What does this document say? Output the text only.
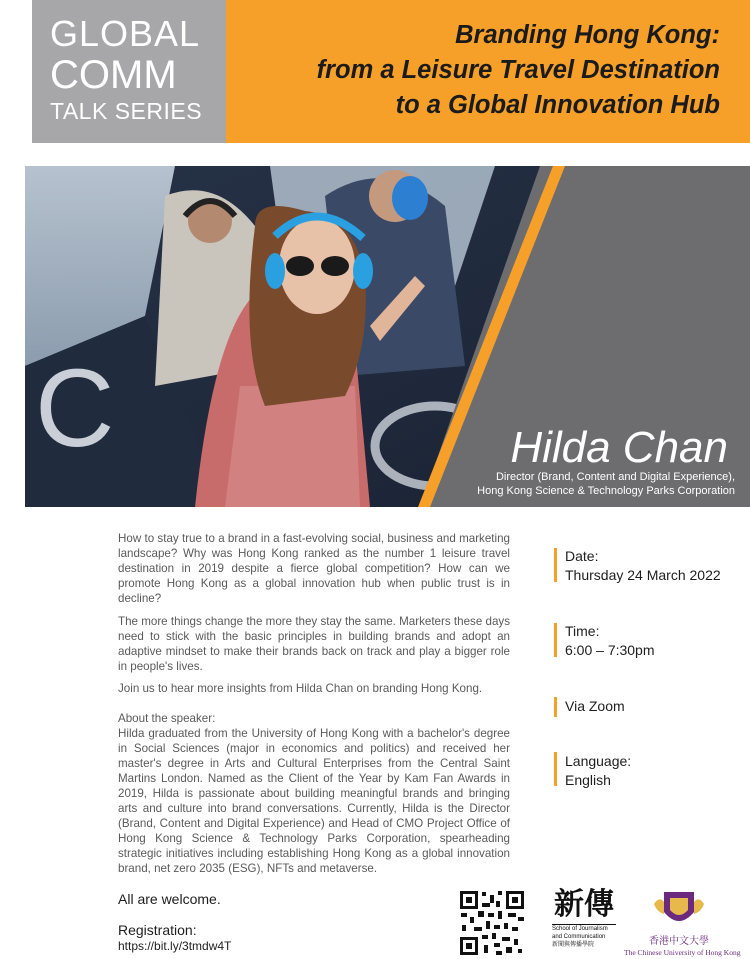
GLOBAL
COMM
TALK SERIES
Branding Hong Kong:
from a Leisure Travel Destination
to a Global Innovation Hub
C	Hilda Chan
Director (Brand, Content and Digital Experience),
Hong Kong Science & Technology Parks Corporation

How to stay true to a brand in a fast-evolving social, business and marketing landscape? Why was Hong Kong ranked as the number 1 leisure travel destination in 2019 despite a fierce global competition? How can we promote Hong Kong as a global innovation hub when public trust is in decline?

The more things change the more they stay the same. Marketers these days need to stick with the basic principles in building brands and adopt an adaptive mindset to make their brands back on track and play a bigger role in people's lives.

Join us to hear more insights from Hilda Chan on branding Hong Kong.

About the speaker:

Hilda graduated from the University of Hong Kong with a bachelor's degree in Social Sciences (major in economics and politics) and received her master's degree in Arts and Cultural Enterprises from the Central Saint Martins London. Named as the Client of the Year by Kam Fan Awards in 2019, Hilda is passionate about building meaningful brands and bringing arts and culture into brand conversations. Currently, Hilda is the Director (Brand, Content and Digital Experience) and Head of CMO Project Office of Hong Kong Science & Technology Parks Corporation, spearheading strategic initiatives including establishing Hong Kong as a global innovation brand, net zero 2035 (ESG), NFTs and metaverse.

Date:
Thursday 24 March 2022
Time:
6:00 – 7:30pm
Via Zoom
Language:
English
All are welcome.
Registration:
https://bit.ly/3tmdw4T
新傳
School of Journalism
and Communication
新聞與傳播學院	香港中文大學
The Chinese University of Hong Kong
